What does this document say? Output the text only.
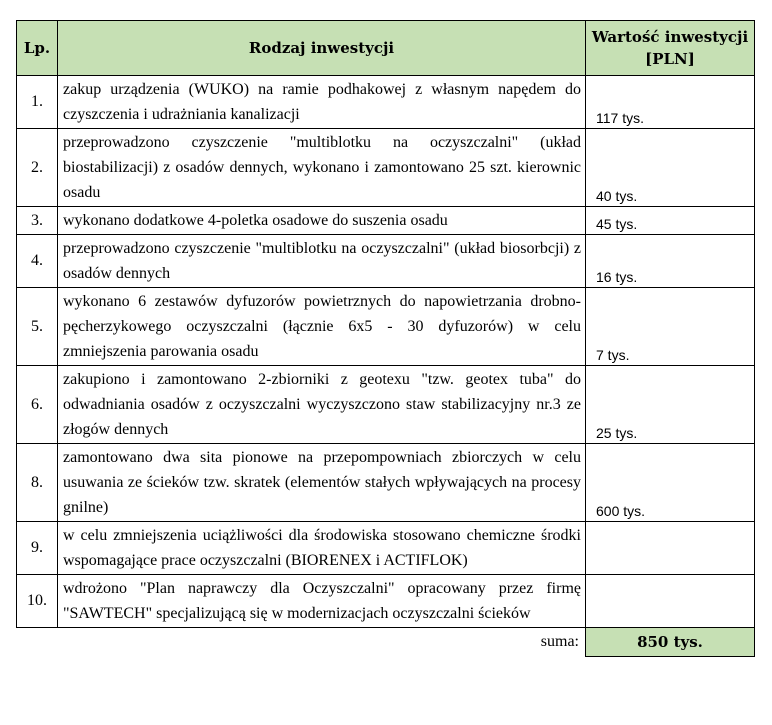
Lp.	Rodzaj inwestycji	Wartość inwestycji
[PLN]
1.	zakup urządzenia (WUKO) na ramie podhakowej z własnym napędem do czyszczenia i udrażniania kanalizacji	117 tys.
2.	przeprowadzono czyszczenie "multiblotku na oczyszczalni" (układ biostabilizacji) z osadów dennych, wykonano i zamontowano 25 szt. kierownic osadu	40 tys.
3.	wykonano dodatkowe 4-poletka osadowe do suszenia osadu	45 tys.
4.	przeprowadzono czyszczenie "multiblotku na oczyszczalni" (układ biosorbcji) z osadów dennych	16 tys.
5.	wykonano 6 zestawów dyfuzorów powietrznych do napowietrzania drobno-pęcherzykowego oczyszczalni (łącznie 6x5 - 30 dyfuzorów) w celu zmniejszenia parowania osadu	7 tys.
6.	zakupiono i zamontowano 2-zbiorniki z geotexu "tzw. geotex tuba" do odwadniania osadów z oczyszczalni wyczyszczono staw stabilizacyjny nr.3 ze złogów dennych	25 tys.
8.	zamontowano dwa sita pionowe na przepompowniach zbiorczych w celu usuwania ze ścieków tzw. skratek (elementów stałych wpływających na procesy gnilne)	600 tys.
9.	w celu zmniejszenia uciążliwości dla środowiska stosowano chemiczne środki wspomagające prace oczyszczalni (BIORENEX i ACTIFLOK)	
10.	wdrożono "Plan naprawczy dla Oczyszczalni" opracowany przez firmę "SAWTECH" specjalizującą się w modernizacjach oczyszczalni ścieków	
	suma:	850 tys.
